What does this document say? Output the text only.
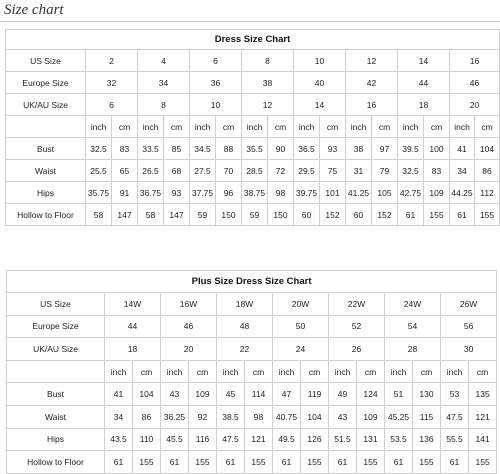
Size chart
Dress Size Chart																
US Size	2		4		6		8		10		12		14		16	
Europe Size	32		34		36		38		40		42		44		46	
UK/AU Size	6		8		10		12		14		16		18		20	
	inch	cm	inch	cm	inch	cm	inch	cm	inch	cm	inch	cm	inch	cm	inch	cm
Bust	32.5	83	33.5	85	34.5	88	35.5	90	36.5	93	38	97	39.5	100	41	104
Waist	25.5	65	26.5	68	27.5	70	28.5	72	29.5	75	31	79	32.5	83	34	86
Hips	35.75	91	36.75	93	37.75	96	38.75	98	39.75	101	41.25	105	42.75	109	44.25	112
Hollow to Floor	58	147	58	147	59	150	59	150	60	152	60	152	61	155	61	155
Plus Size Dress Size Chart														
US Size	14W		16W		18W		20W		22W		24W		26W	
Europe Size	44		46		48		50		52		54		56	
UK/AU Size	18		20		22		24		26		28		30	
	inch	cm	inch	cm	inch	cm	inch	cm	inch	cm	inch	cm	inch	cm
Bust	41	104	43	109	45	114	47	119	49	124	51	130	53	135
Waist	34	86	36.25	92	38.5	98	40.75	104	43	109	45.25	115	47.5	121
Hips	43.5	110	45.5	116	47.5	121	49.5	126	51.5	131	53.5	136	55.5	141
Hollow to Floor	61	155	61	155	61	155	61	155	61	155	61	155	61	155
